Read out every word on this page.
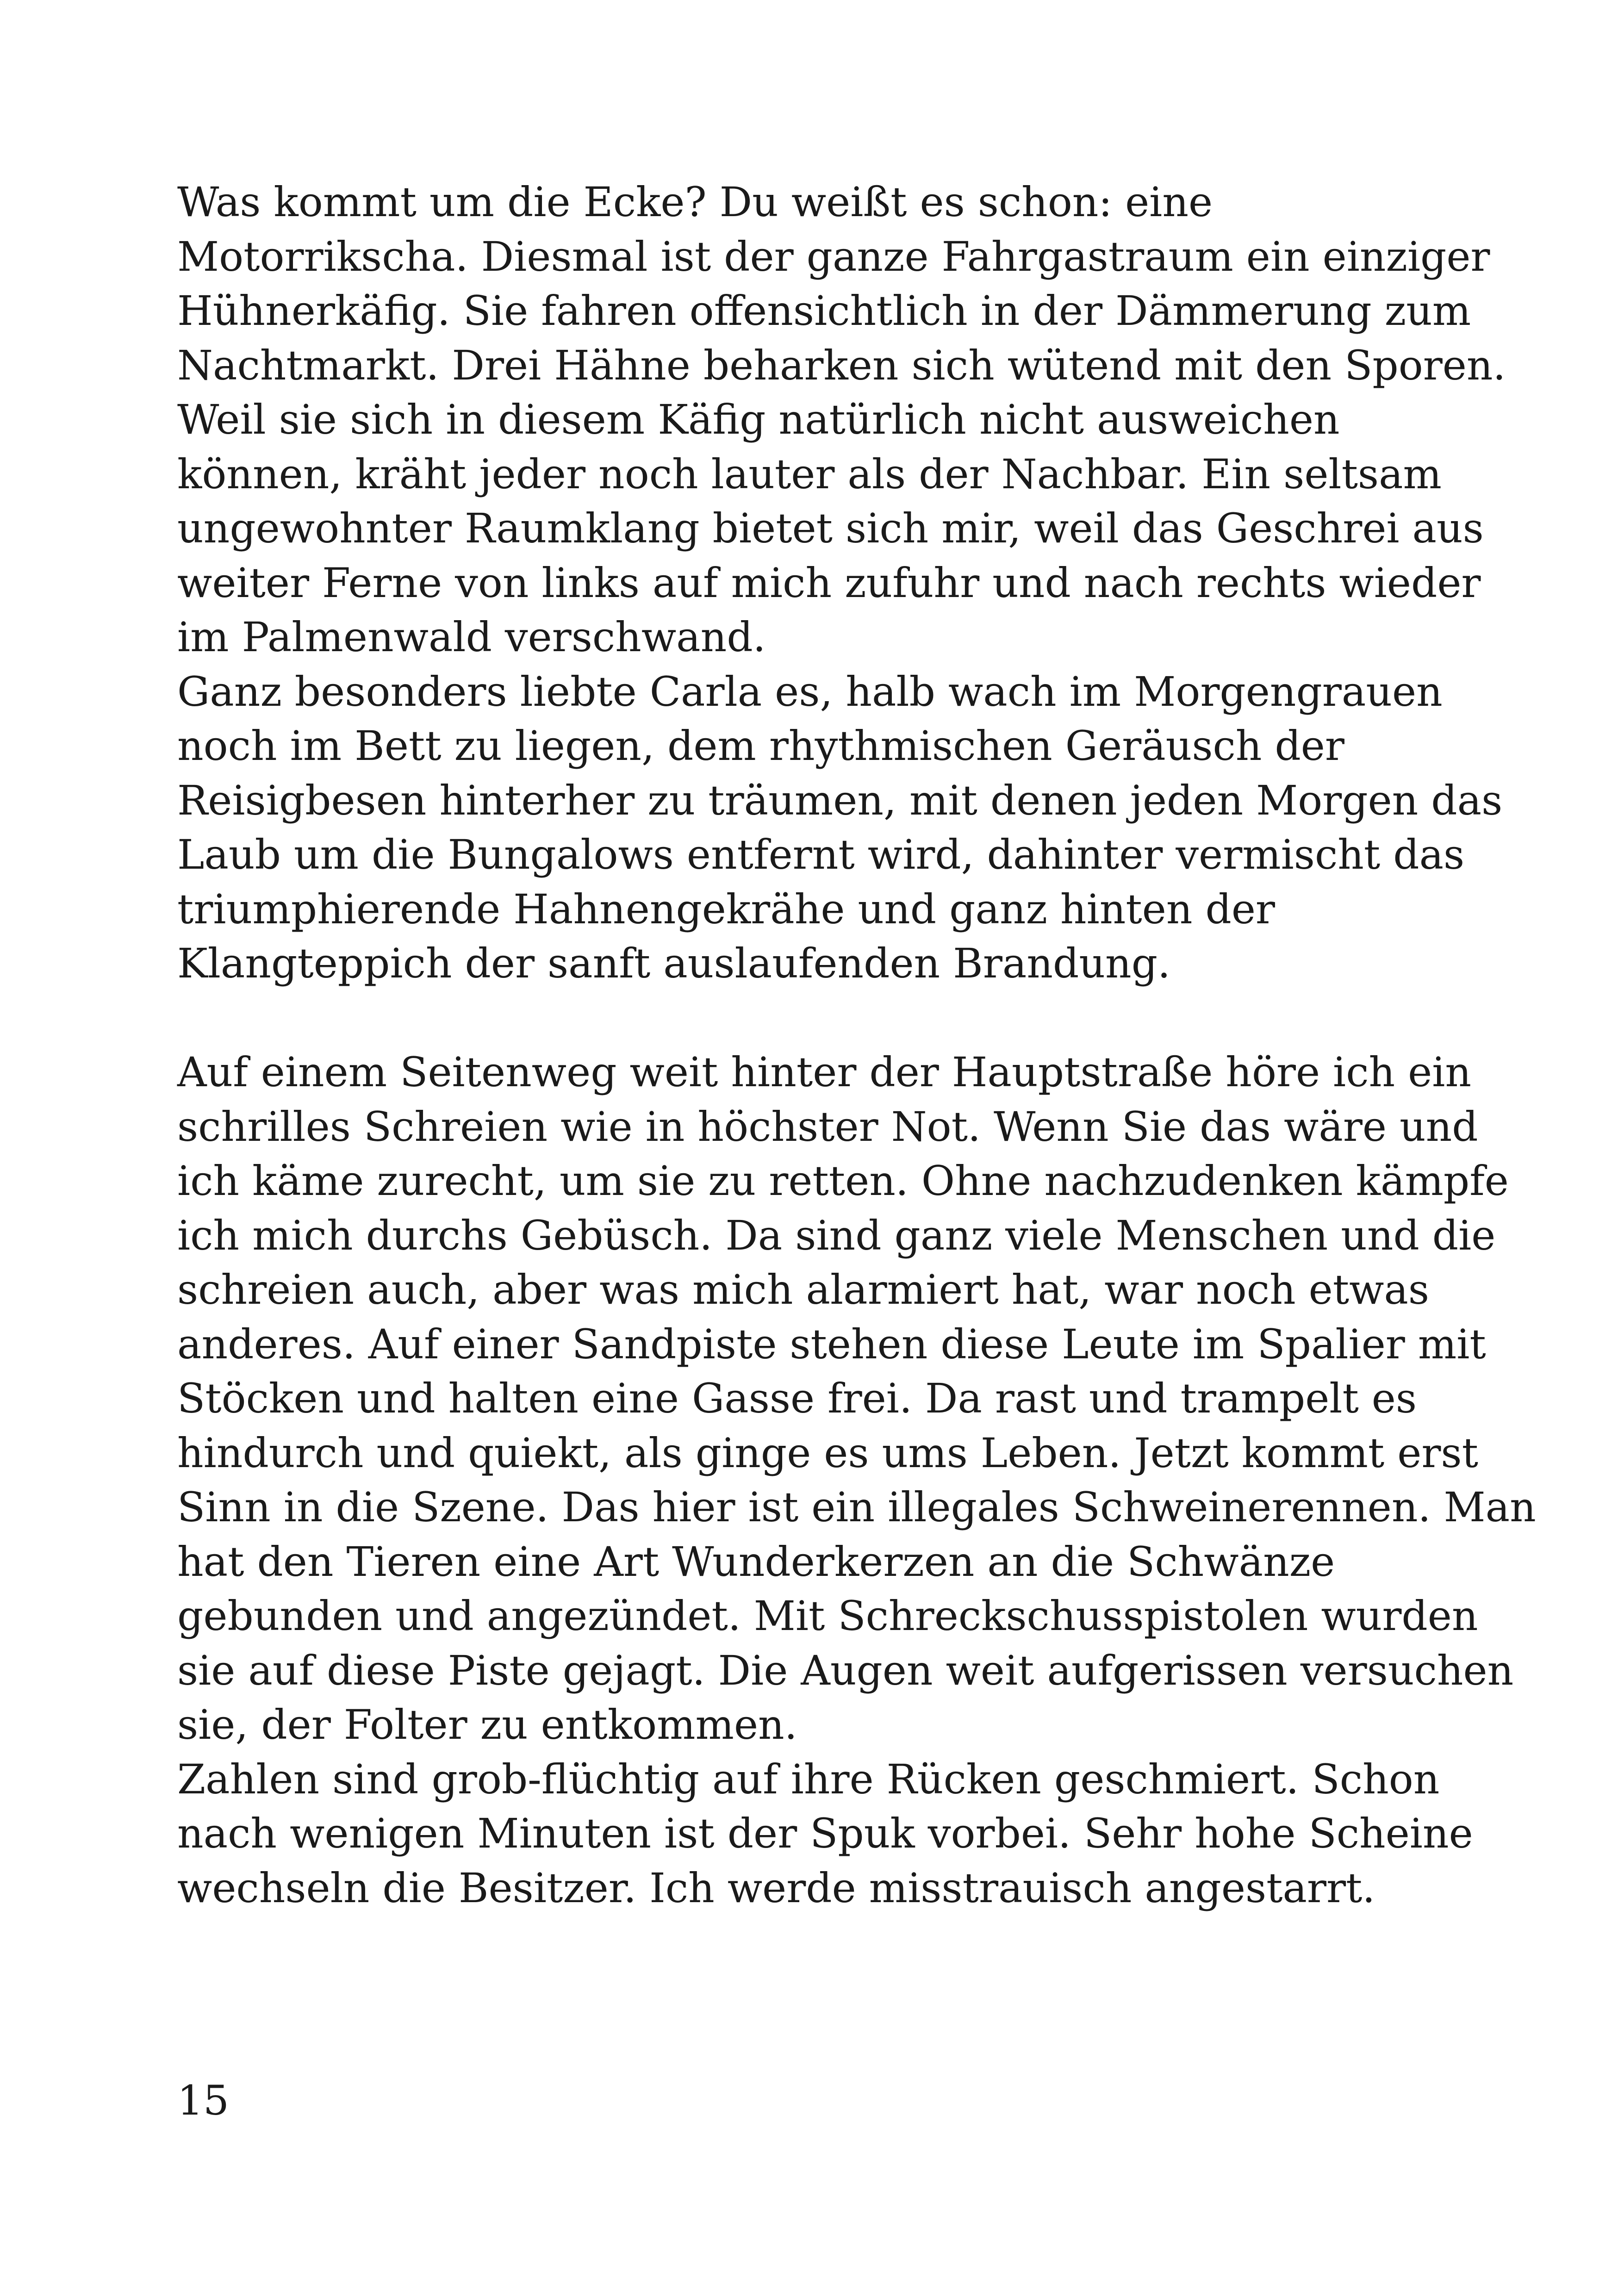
Was kommt um die Ecke? Du weißt es schon: eine
Motorrikscha. Diesmal ist der ganze Fahrgastraum ein einziger
Hühnerkäfig. Sie fahren offensichtlich in der Dämmerung zum
Nachtmarkt. Drei Hähne beharken sich wütend mit den Sporen.
Weil sie sich in diesem Käfig natürlich nicht ausweichen
können, kräht jeder noch lauter als der Nachbar. Ein seltsam
ungewohnter Raumklang bietet sich mir, weil das Geschrei aus
weiter Ferne von links auf mich zufuhr und nach rechts wieder
im Palmenwald verschwand.
Ganz besonders liebte Carla es, halb wach im Morgengrauen
noch im Bett zu liegen, dem rhythmischen Geräusch der
Reisigbesen hinterher zu träumen, mit denen jeden Morgen das
Laub um die Bungalows entfernt wird, dahinter vermischt das
triumphierende Hahnengekrähe und ganz hinten der
Klangteppich der sanft auslaufenden Brandung.
Auf einem Seitenweg weit hinter der Hauptstraße höre ich ein
schrilles Schreien wie in höchster Not. Wenn Sie das wäre und
ich käme zurecht, um sie zu retten. Ohne nachzudenken kämpfe
ich mich durchs Gebüsch. Da sind ganz viele Menschen und die
schreien auch, aber was mich alarmiert hat, war noch etwas
anderes. Auf einer Sandpiste stehen diese Leute im Spalier mit
Stöcken und halten eine Gasse frei. Da rast und trampelt es
hindurch und quiekt, als ginge es ums Leben. Jetzt kommt erst
Sinn in die Szene. Das hier ist ein illegales Schweinerennen. Man
hat den Tieren eine Art Wunderkerzen an die Schwänze
gebunden und angezündet. Mit Schreckschusspistolen wurden
sie auf diese Piste gejagt. Die Augen weit aufgerissen versuchen
sie, der Folter zu entkommen.
Zahlen sind grob-flüchtig auf ihre Rücken geschmiert. Schon
nach wenigen Minuten ist der Spuk vorbei. Sehr hohe Scheine
wechseln die Besitzer. Ich werde misstrauisch angestarrt.
15
